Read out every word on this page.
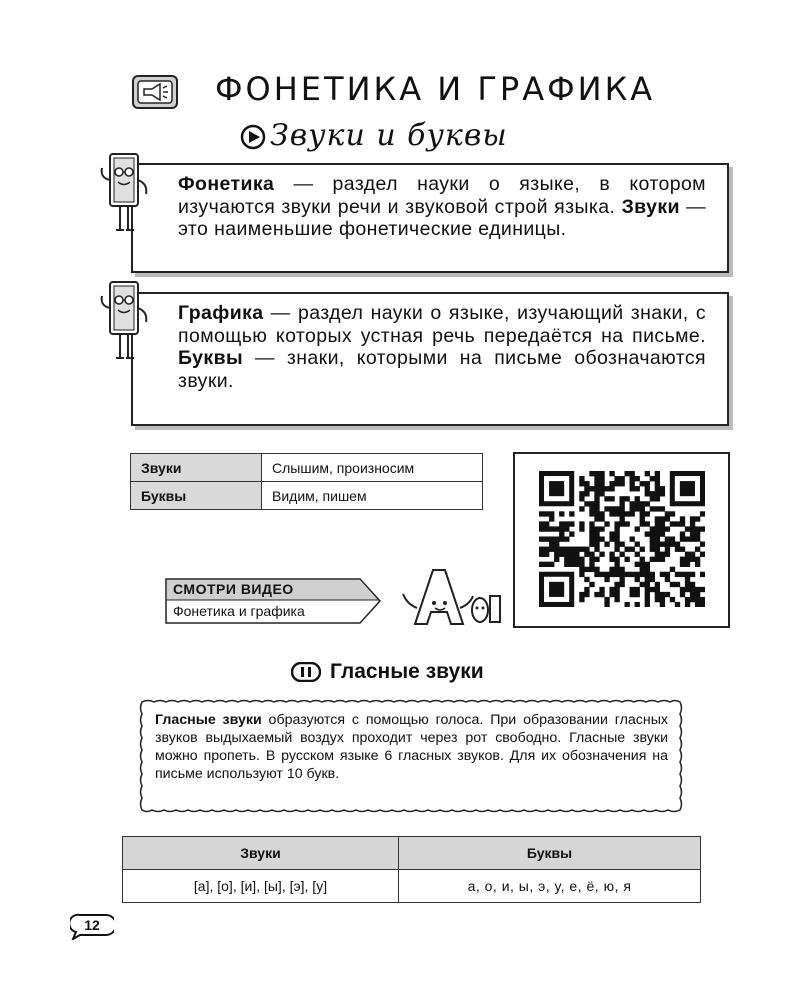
ФОНЕТИКА И ГРАФИКА
Звуки и буквы
Фонетика — раздел науки о языке, в котором изучаются звуки речи и звуковой строй языка. Звуки — это наименьшие фонетические единицы.
Графика — раздел науки о языке, изучающий знаки, с помощью которых устная речь передаётся на письме. Буквы — знаки, которыми на письме обозначаются звуки.
Звуки	Слышим, произносим
Буквы	Видим, пишем
СМОТРИ ВИДЕО
Фонетика и графика
Гласные звуки
Гласные звуки образуются с помощью голоса. При образовании гласных звуков выдыхаемый воздух проходит через рот свободно. Гласные звуки можно пропеть. В русском языке 6 гласных звуков. Для их обозначения на письме используют 10 букв.
Звуки	Буквы
[а], [о], [и], [ы], [э], [у]	а, о, и, ы, э, у, е, ё, ю, я
12
